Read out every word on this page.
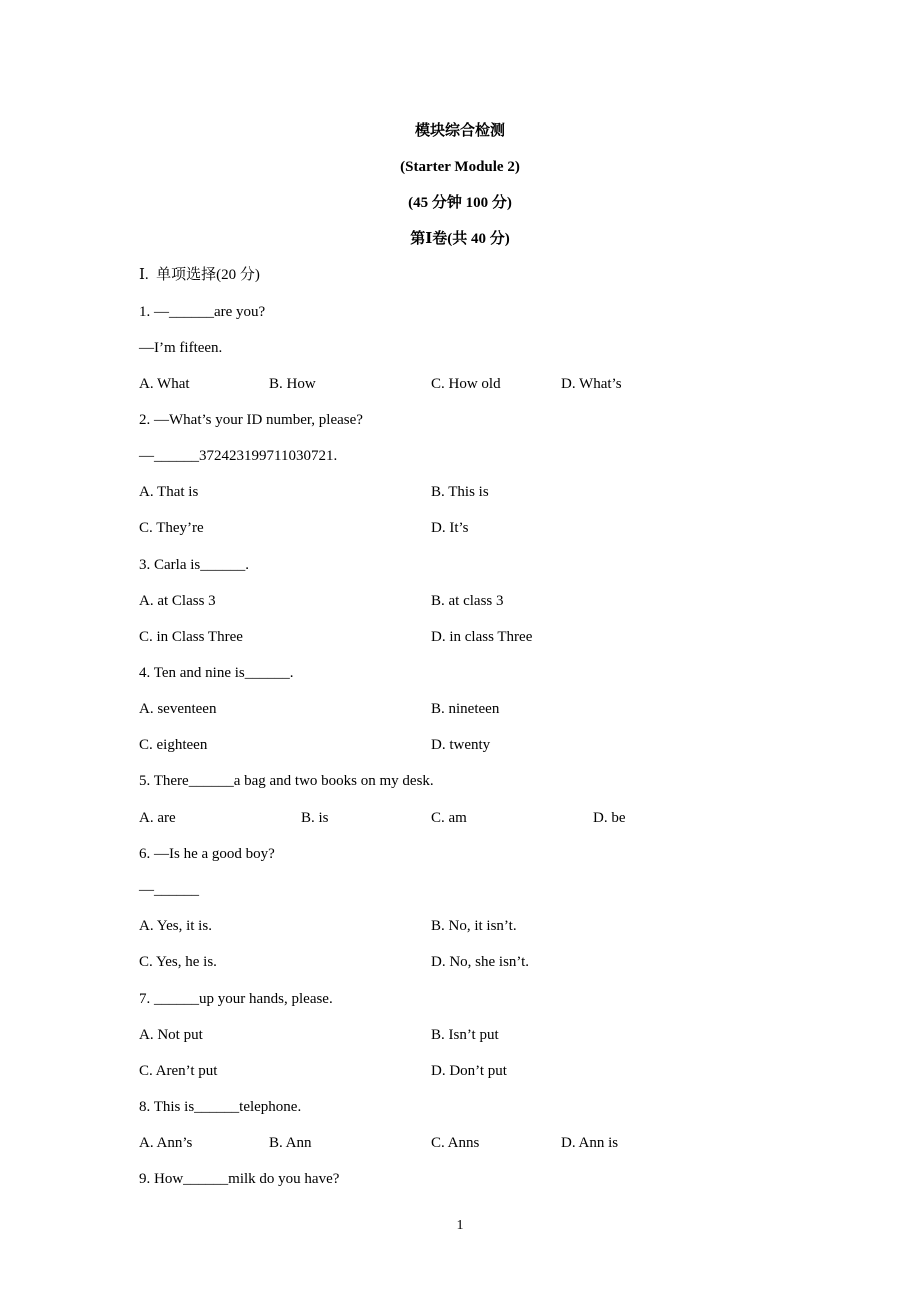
模块综合检测
(Starter Module 2)
(45 分钟 100 分)
第Ⅰ卷(共 40 分)
Ⅰ.  单项选择(20 分)
1. —______are you?
—I’m fifteen.
A. What	B. How	C. How old	D. What’s
2. —What’s your ID number, please?
—______372423199711030721.
A. That is	B. This is
C. They’re	D. It’s
3. Carla is______.
A. at Class 3	B. at class 3
C. in Class Three	D. in class Three
4. Ten and nine is______.
A. seventeen	B. nineteen
C. eighteen	D. twenty
5. There______a bag and two books on my desk.
A. are	B. is	C. am	D. be
6. —Is he a good boy?
—______
A. Yes, it is.	B. No, it isn’t.
C. Yes, he is.	D. No, she isn’t.
7. ______up your hands, please.
A. Not put	B. Isn’t put
C. Aren’t put	D. Don’t put
8. This is______telephone.
A. Ann’s	B. Ann	C. Anns	D. Ann is
9. How______milk do you have?
1
